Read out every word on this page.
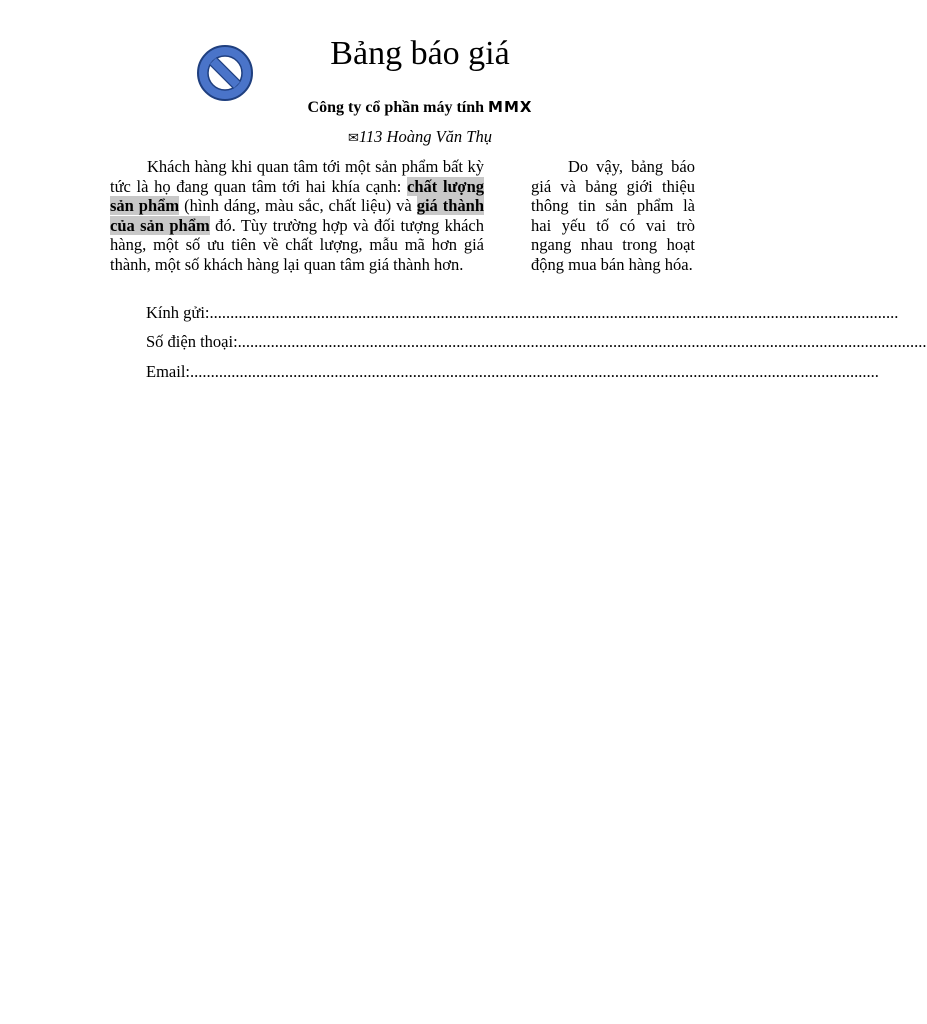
Bảng báo giá
Công ty cổ phần máy tính MMX
✉113 Hoàng Văn Thụ

Khách hàng khi quan tâm tới một sản phẩm bất kỳ tức là họ đang quan tâm tới hai khía cạnh: chất lượng sản phẩm (hình dáng, màu sắc, chất liệu) và giá thành của sản phẩm đó. Tùy trường hợp và đối tượng khách hàng, một số ưu tiên về chất lượng, mẫu mã hơn giá thành, một số khách hàng lại quan tâm giá thành hơn.

Do vậy, bảng báo giá và bảng giới thiệu thông tin sản phẩm là hai yếu tố có vai trò ngang nhau trong hoạt động mua bán hàng hóa.

Kính gửi:.......................................................................................................................................................................
Số điện thoại:.......................................................................................................................................................................
Email:.......................................................................................................................................................................
